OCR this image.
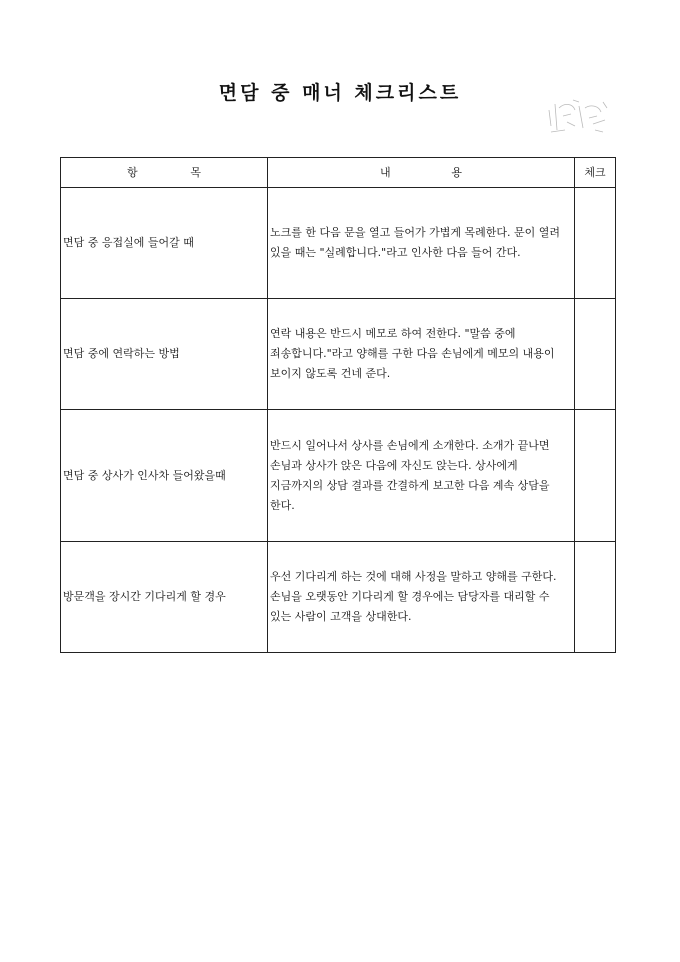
면담 중 매너 체크리스트
항 목	내 용	체크
면담 중 응접실에 들어갈 때	노크를 한 다음 문을 열고 들어가 가볍게 목례한다. 문이 열려 있을 때는 "실례합니다."라고 인사한 다음 들어 간다.	
면담 중에 연락하는 방법	연락 내용은 반드시 메모로 하여 전한다. "말씀 중에 죄송합니다."라고 양해를 구한 다음 손님에게 메모의 내용이 보이지 않도록 건네 준다.	
면담 중 상사가 인사차 들어왔을때	반드시 일어나서 상사를 손님에게 소개한다. 소개가 끝나면 손님과 상사가 앉은 다음에 자신도 앉는다. 상사에게 지금까지의 상담 결과를 간결하게 보고한 다음 계속 상담을 한다.	
방문객을 장시간 기다리게 할 경우	우선 기다리게 하는 것에 대해 사정을 말하고 양해를 구한다. 손님을 오랫동안 기다리게 할 경우에는 담당자를 대리할 수 있는 사람이 고객을 상대한다.	
